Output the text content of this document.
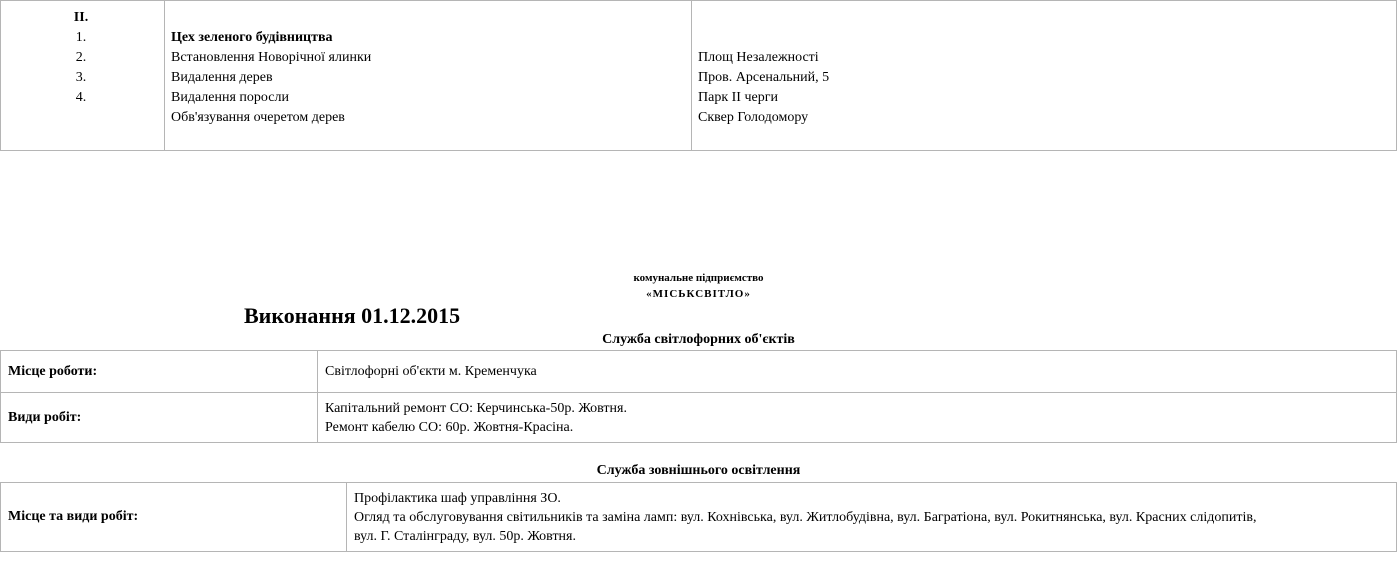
II.
1.
2.
3.
4.
Цех зеленого будівництва
Встановлення Новорічної ялинки
Видалення дерев
Видалення поросли
Обв'язування очеретом дерев
Площ Незалежності
Пров. Арсенальний, 5
Парк ІІ черги
Сквер Голодомору
комунальне підприємство
«МІСЬКСВІТЛО»
Виконання 01.12.2015
Служба світлофорних об'єктів
Місце роботи:	Світлофорні об'єкти м. Кременчука
Види робіт:
Капітальний ремонт СО: Керчинська-50р. Жовтня.
Ремонт кабелю СО: 60р. Жовтня-Красіна.
Служба зовнішнього освітлення
Місце та види робіт:
Профілактика шаф управління ЗО.
Огляд та обслуговування світильників та заміна ламп: вул. Кохнівська, вул. Житлобудівна, вул. Багратіона, вул. Рокитнянська, вул. Красних слідопитів,
вул. Г. Сталінграду, вул. 50р. Жовтня.
